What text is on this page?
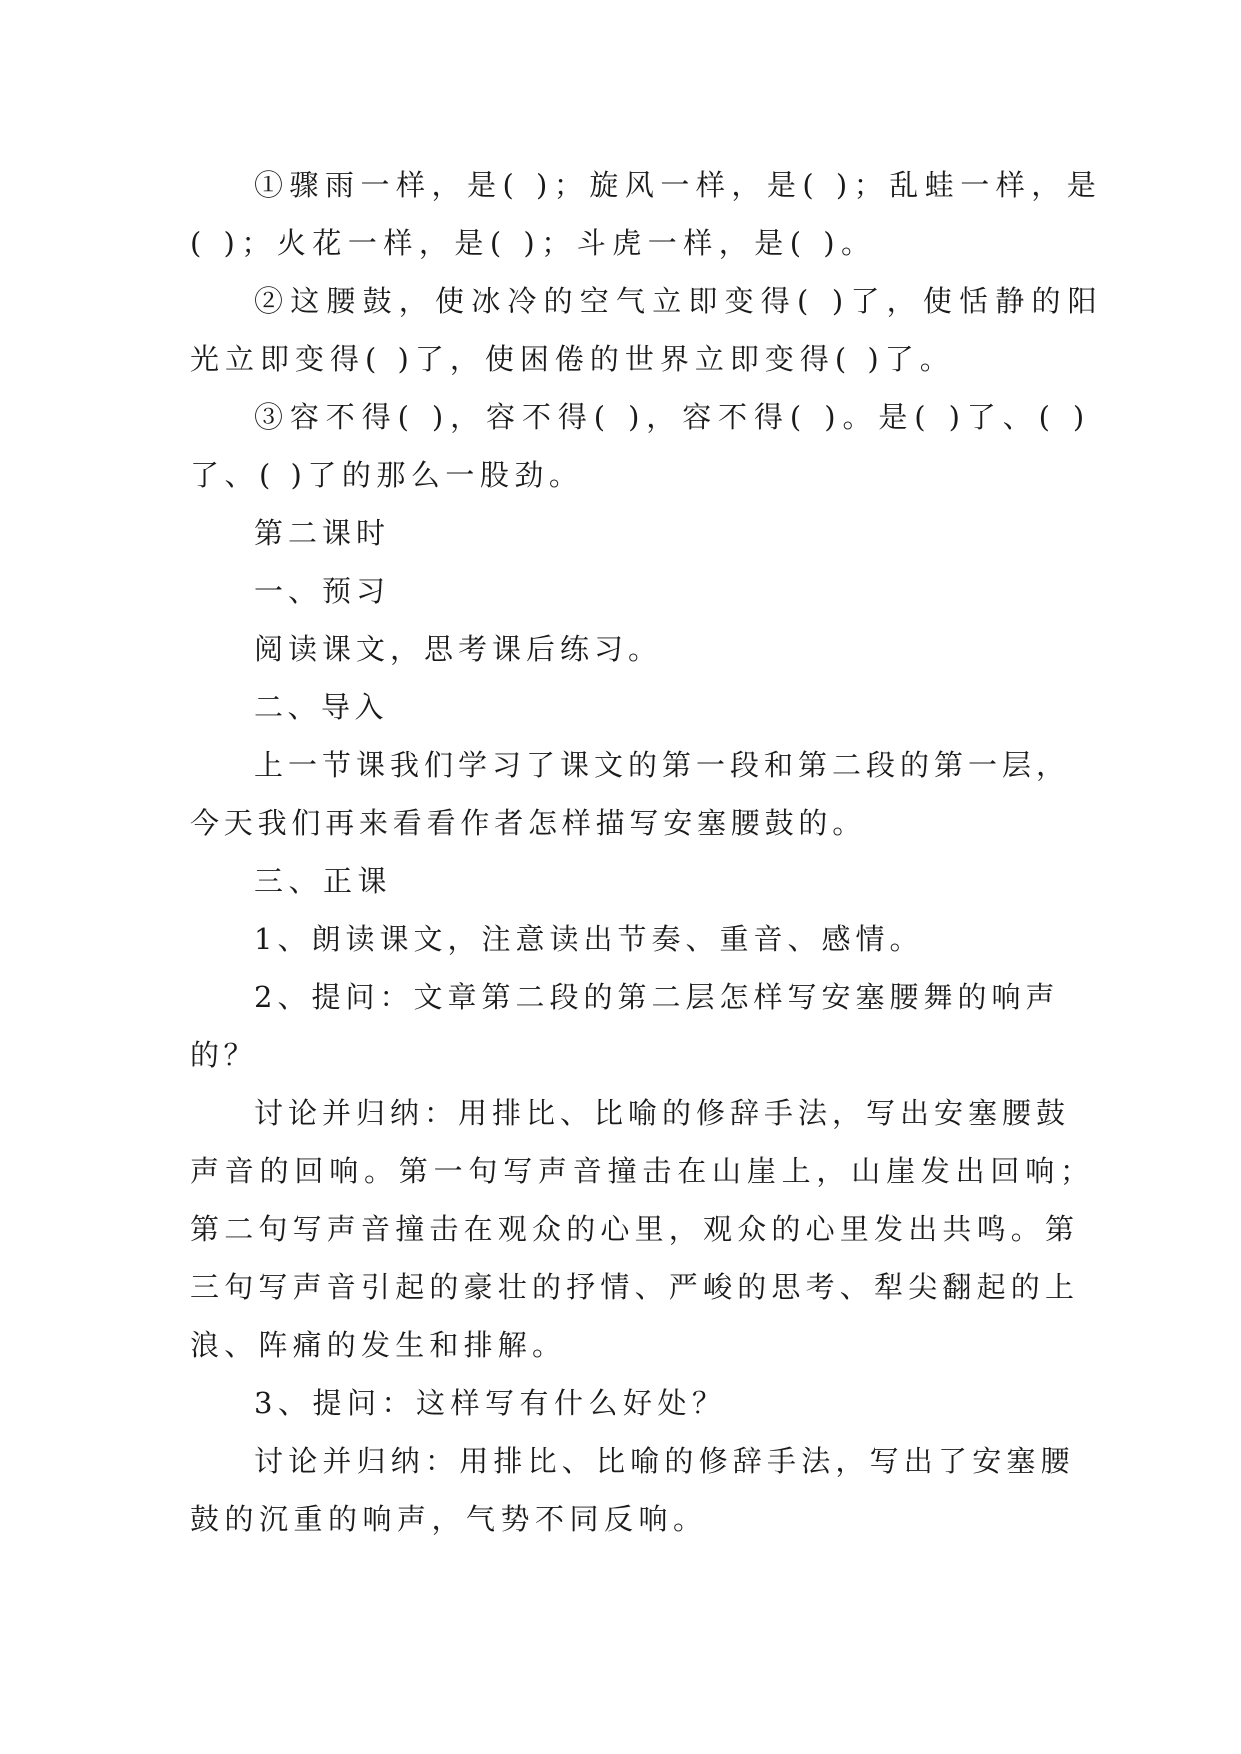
①骤雨一样，是( )；旋风一样，是( )；乱蛙一样，是
( )；火花一样，是( )；斗虎一样，是( )。
②这腰鼓，使冰冷的空气立即变得( )了，使恬静的阳
光立即变得( )了，使困倦的世界立即变得( )了。
③容不得( )，容不得( )，容不得( )。是( )了、( )
了、( )了的那么一股劲。
第二课时
一、预习
阅读课文，思考课后练习。
二、导入
上一节课我们学习了课文的第一段和第二段的第一层，
今天我们再来看看作者怎样描写安塞腰鼓的。
三、正课
1、朗读课文，注意读出节奏、重音、感情。
2、提问：文章第二段的第二层怎样写安塞腰舞的响声
的？
讨论并归纳：用排比、比喻的修辞手法，写出安塞腰鼓
声音的回响。第一句写声音撞击在山崖上，山崖发出回响；
第二句写声音撞击在观众的心里，观众的心里发出共鸣。第
三句写声音引起的豪壮的抒情、严峻的思考、犁尖翻起的上
浪、阵痛的发生和排解。
3、提问：这样写有什么好处？
讨论并归纳：用排比、比喻的修辞手法，写出了安塞腰
鼓的沉重的响声，气势不同反响。
